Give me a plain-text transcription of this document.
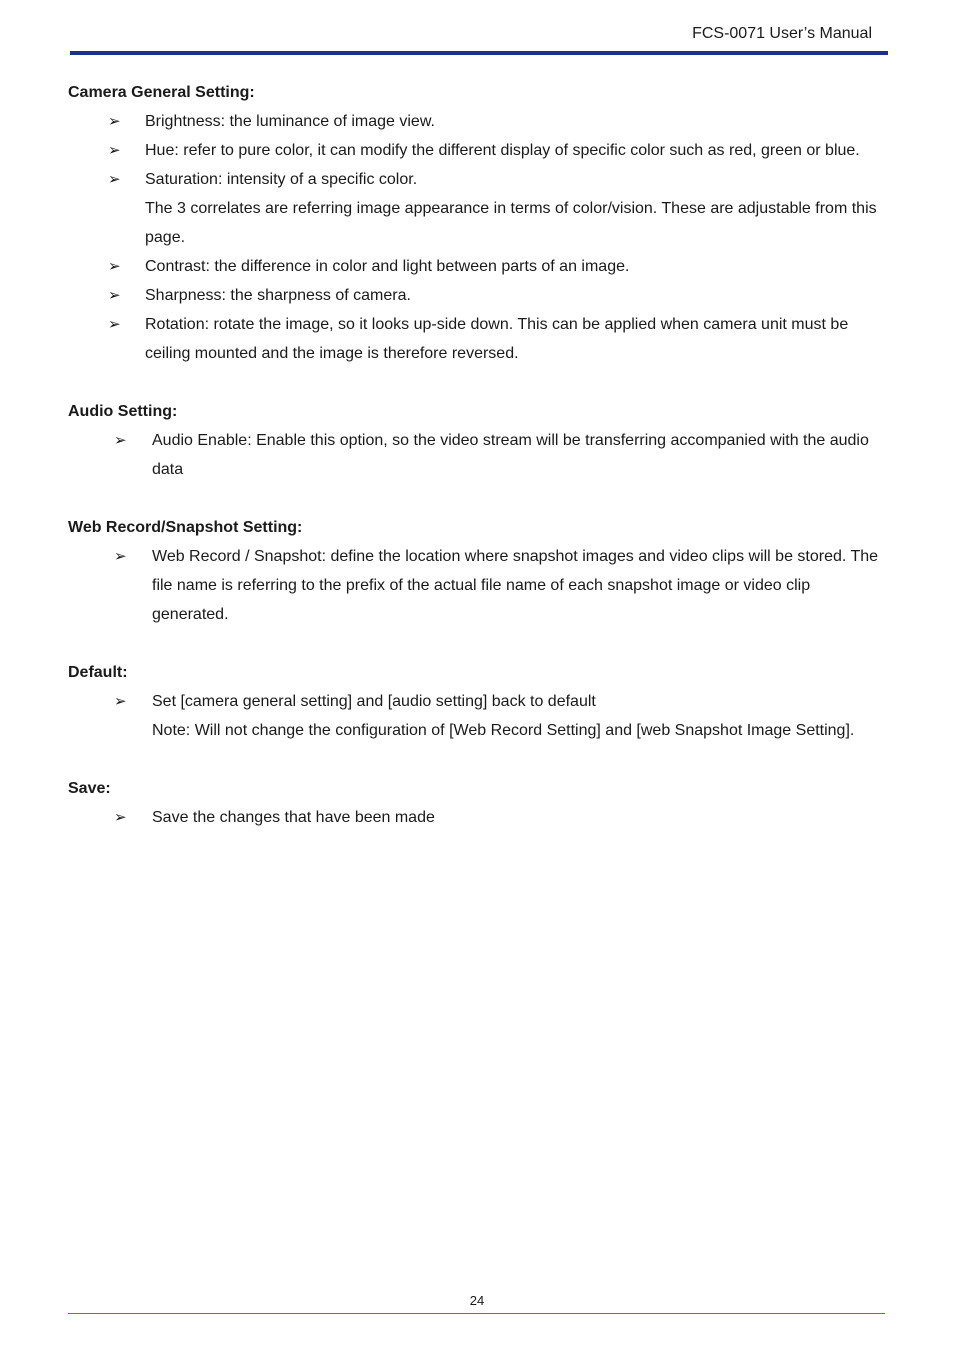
FCS-0071 User’s Manual
Camera General Setting:
➢ Brightness: the luminance of image view.
➢ Hue: refer to pure color, it can modify the different display of specific color such as red, green or blue.
➢ Saturation: intensity of a specific color.
The 3 correlates are referring image appearance in terms of color/vision. These are adjustable from this page.
➢ Contrast: the difference in color and light between parts of an image.
➢ Sharpness: the sharpness of camera.
➢ Rotation: rotate the image, so it looks up-side down. This can be applied when camera unit must be ceiling mounted and the image is therefore reversed.
Audio Setting:
➢ Audio Enable: Enable this option, so the video stream will be transferring accompanied with the audio data
Web Record/Snapshot Setting:
➢ Web Record / Snapshot: define the location where snapshot images and video clips will be stored. The file name is referring to the prefix of the actual file name of each snapshot image or video clip generated.
Default:
➢ Set [camera general setting] and [audio setting] back to default
Note: Will not change the configuration of [Web Record Setting] and [web Snapshot Image Setting].
Save:
➢ Save the changes that have been made
24
